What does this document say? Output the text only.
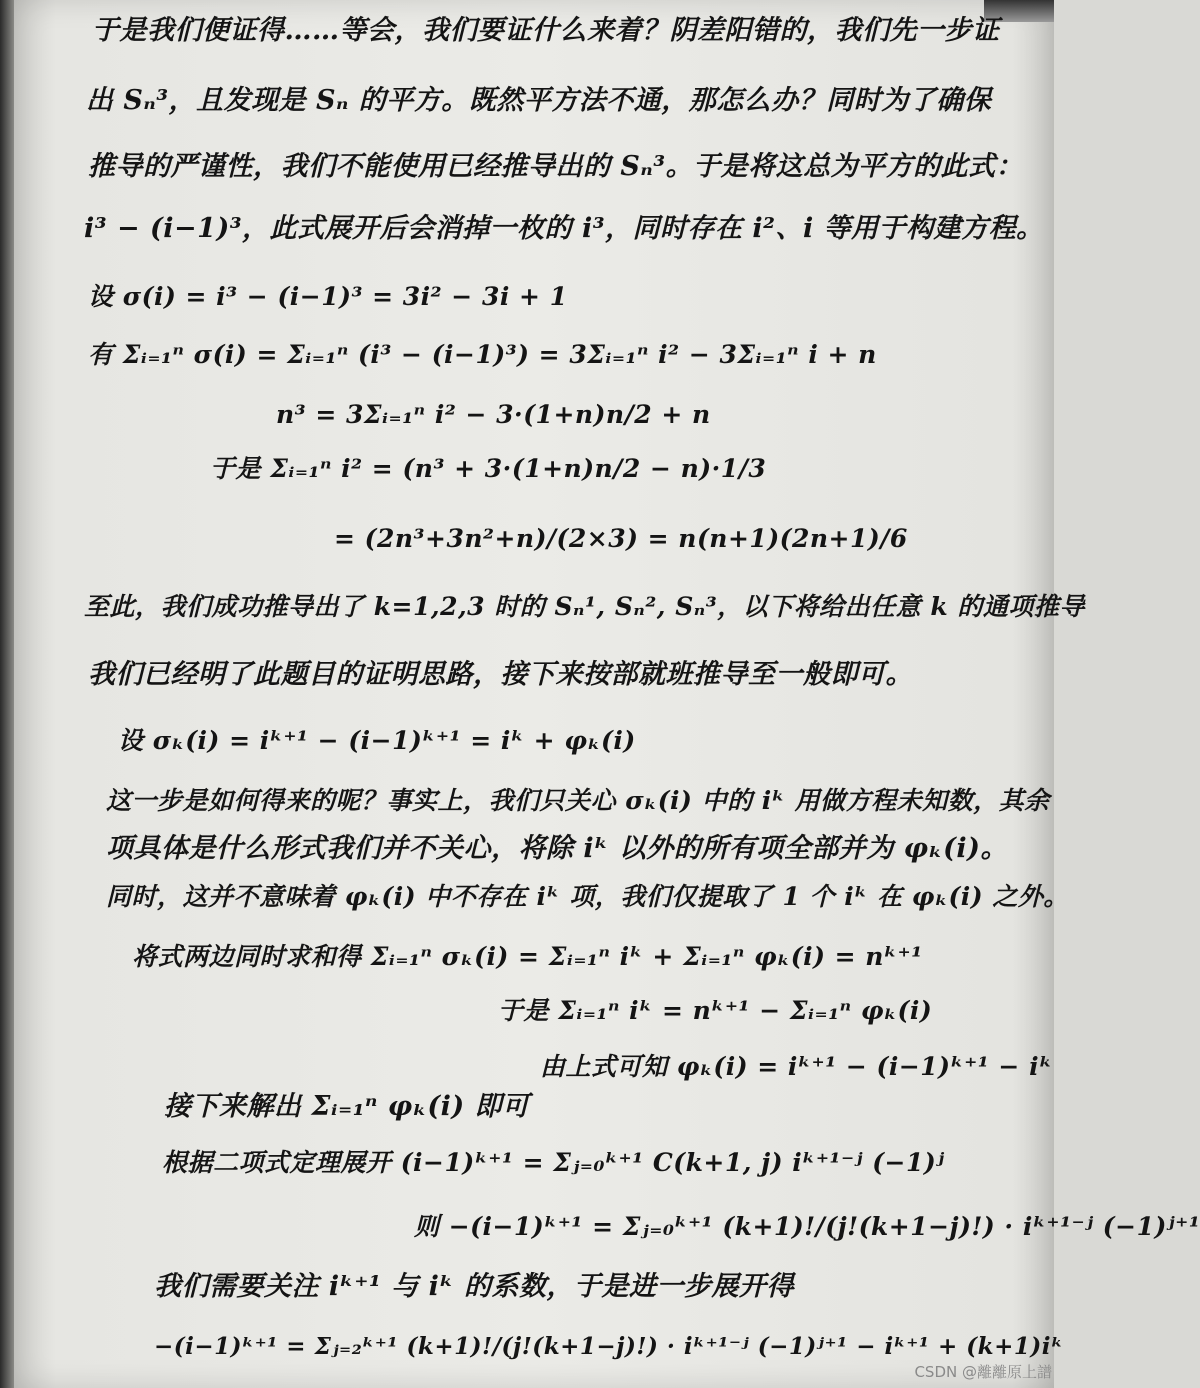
于是我们便证得……等会，我们要证什么来着？阴差阳错的，我们先一步证
出 Sₙ³，且发现是 Sₙ 的平方。既然平方法不通，那怎么办？同时为了确保
推导的严谨性，我们不能使用已经推导出的 Sₙ³。于是将这总为平方的此式：
i³ − (i−1)³，此式展开后会消掉一枚的 i³，同时存在 i²、i 等用于构建方程。
设 σ(i) = i³ − (i−1)³ = 3i² − 3i + 1
有 Σᵢ₌₁ⁿ σ(i) = Σᵢ₌₁ⁿ (i³ − (i−1)³) = 3Σᵢ₌₁ⁿ i² − 3Σᵢ₌₁ⁿ i + n
n³ = 3Σᵢ₌₁ⁿ i² − 3·(1+n)n/2 + n
于是 Σᵢ₌₁ⁿ i² = (n³ + 3·(1+n)n/2 − n)·1/3
= (2n³+3n²+n)/(2×3) = n(n+1)(2n+1)/6
至此，我们成功推导出了 k=1,2,3 时的 Sₙ¹, Sₙ², Sₙ³，以下将给出任意 k 的通项推导
我们已经明了此题目的证明思路，接下来按部就班推导至一般即可。
设 σₖ(i) = iᵏ⁺¹ − (i−1)ᵏ⁺¹ = iᵏ + φₖ(i)
这一步是如何得来的呢？事实上，我们只关心 σₖ(i) 中的 iᵏ 用做方程未知数，其余
项具体是什么形式我们并不关心，将除 iᵏ 以外的所有项全部并为 φₖ(i)。
同时，这并不意味着 φₖ(i) 中不存在 iᵏ 项，我们仅提取了 1 个 iᵏ 在 φₖ(i) 之外。
将式两边同时求和得 Σᵢ₌₁ⁿ σₖ(i) = Σᵢ₌₁ⁿ iᵏ + Σᵢ₌₁ⁿ φₖ(i) = nᵏ⁺¹
于是 Σᵢ₌₁ⁿ iᵏ = nᵏ⁺¹ − Σᵢ₌₁ⁿ φₖ(i)
由上式可知 φₖ(i) = iᵏ⁺¹ − (i−1)ᵏ⁺¹ − iᵏ
接下来解出 Σᵢ₌₁ⁿ φₖ(i) 即可
根据二项式定理展开 (i−1)ᵏ⁺¹ = Σⱼ₌₀ᵏ⁺¹ C(k+1, j) iᵏ⁺¹⁻ʲ (−1)ʲ
则 −(i−1)ᵏ⁺¹ = Σⱼ₌₀ᵏ⁺¹ (k+1)!/(j!(k+1−j)!) · iᵏ⁺¹⁻ʲ (−1)ʲ⁺¹
我们需要关注 iᵏ⁺¹ 与 iᵏ 的系数，于是进一步展开得
−(i−1)ᵏ⁺¹ = Σⱼ₌₂ᵏ⁺¹ (k+1)!/(j!(k+1−j)!) · iᵏ⁺¹⁻ʲ (−1)ʲ⁺¹ − iᵏ⁺¹ + (k+1)iᵏ
CSDN @離離原上譜
